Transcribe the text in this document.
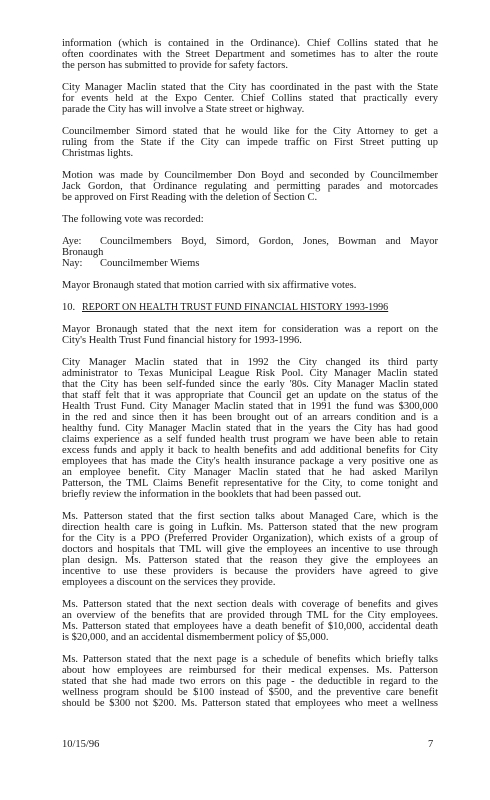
information (which is contained in the Ordinance). Chief Collins stated that he
often coordinates with the Street Department and sometimes has to alter the route
the person has submitted to provide for safety factors.
City Manager Maclin stated that the City has coordinated in the past with the State
for events held at the Expo Center. Chief Collins stated that practically every
parade the City has will involve a State street or highway.
Councilmember Simord stated that he would like for the City Attorney to get a
ruling from the State if the City can impede traffic on First Street putting up
Christmas lights.
Motion was made by Councilmember Don Boyd and seconded by Councilmember
Jack Gordon, that Ordinance regulating and permitting parades and motorcades
be approved on First Reading with the deletion of Section C.
The following vote was recorded:
Aye:	Councilmembers Boyd, Simord, Gordon, Jones, Bowman and Mayor
Bronaugh
Nay:	Councilmember Wiems
Mayor Bronaugh stated that motion carried with six affirmative votes.
10. REPORT ON HEALTH TRUST FUND FINANCIAL HISTORY 1993-1996
Mayor Bronaugh stated that the next item for consideration was a report on the
City's Health Trust Fund financial history for 1993-1996.
City Manager Maclin stated that in 1992 the City changed its third party
administrator to Texas Municipal League Risk Pool. City Manager Maclin stated
that the City has been self-funded since the early '80s. City Manager Maclin stated
that staff felt that it was appropriate that Council get an update on the status of the
Health Trust Fund. City Manager Maclin stated that in 1991 the fund was $300,000
in the red and since then it has been brought out of an arrears condition and is a
healthy fund. City Manager Maclin stated that in the years the City has had good
claims experience as a self funded health trust program we have been able to retain
excess funds and apply it back to health benefits and add additional benefits for City
employees that has made the City's health insurance package a very positive one as
an employee benefit. City Manager Maclin stated that he had asked Marilyn
Patterson, the TML Claims Benefit representative for the City, to come tonight and
briefly review the information in the booklets that had been passed out.
Ms. Patterson stated that the first section talks about Managed Care, which is the
direction health care is going in Lufkin. Ms. Patterson stated that the new program
for the City is a PPO (Preferred Provider Organization), which exists of a group of
doctors and hospitals that TML will give the employees an incentive to use through
plan design. Ms. Patterson stated that the reason they give the employees an
incentive to use these providers is because the providers have agreed to give
employees a discount on the services they provide.
Ms. Patterson stated that the next section deals with coverage of benefits and gives
an overview of the benefits that are provided through TML for the City employees.
Ms. Patterson stated that employees have a death benefit of $10,000, accidental death
is $20,000, and an accidental dismemberment policy of $5,000.
Ms. Patterson stated that the next page is a schedule of benefits which briefly talks
about how employees are reimbursed for their medical expenses. Ms. Patterson
stated that she had made two errors on this page - the deductible in regard to the
wellness program should be $100 instead of $500, and the preventive care benefit
should be $300 not $200. Ms. Patterson stated that employees who meet a wellness
10/15/96	7
